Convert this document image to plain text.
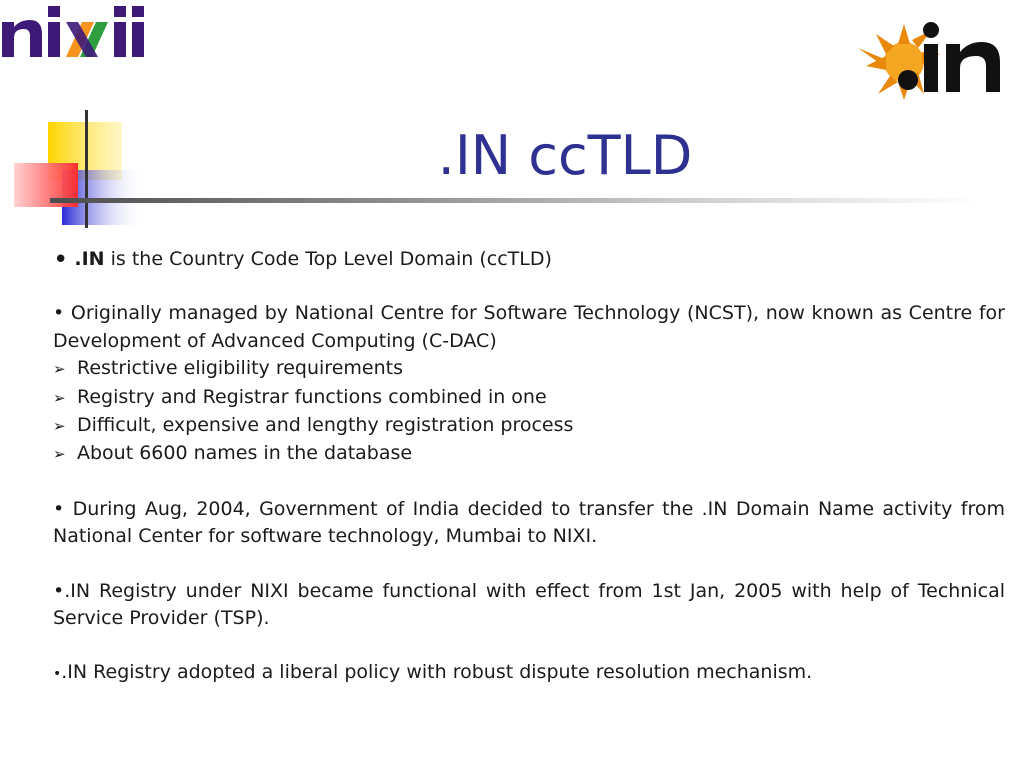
.IN ccTLD

• .IN is the Country Code Top Level Domain (ccTLD)

• Originally managed by National Centre for Software Technology (NCST), now known as Centre for Development of Advanced Computing (C-DAC)

➢ Restrictive eligibility requirements

➢ Registry and Registrar functions combined in one

➢ Difficult, expensive and lengthy registration process

➢ About 6600 names in the database

• During Aug, 2004, Government of India decided to transfer the .IN Domain Name activity from National Center for software technology, Mumbai to NIXI.

•.IN Registry under NIXI became functional with effect from 1st Jan, 2005 with help of Technical Service Provider (TSP).

•.IN Registry adopted a liberal policy with robust dispute resolution mechanism.
